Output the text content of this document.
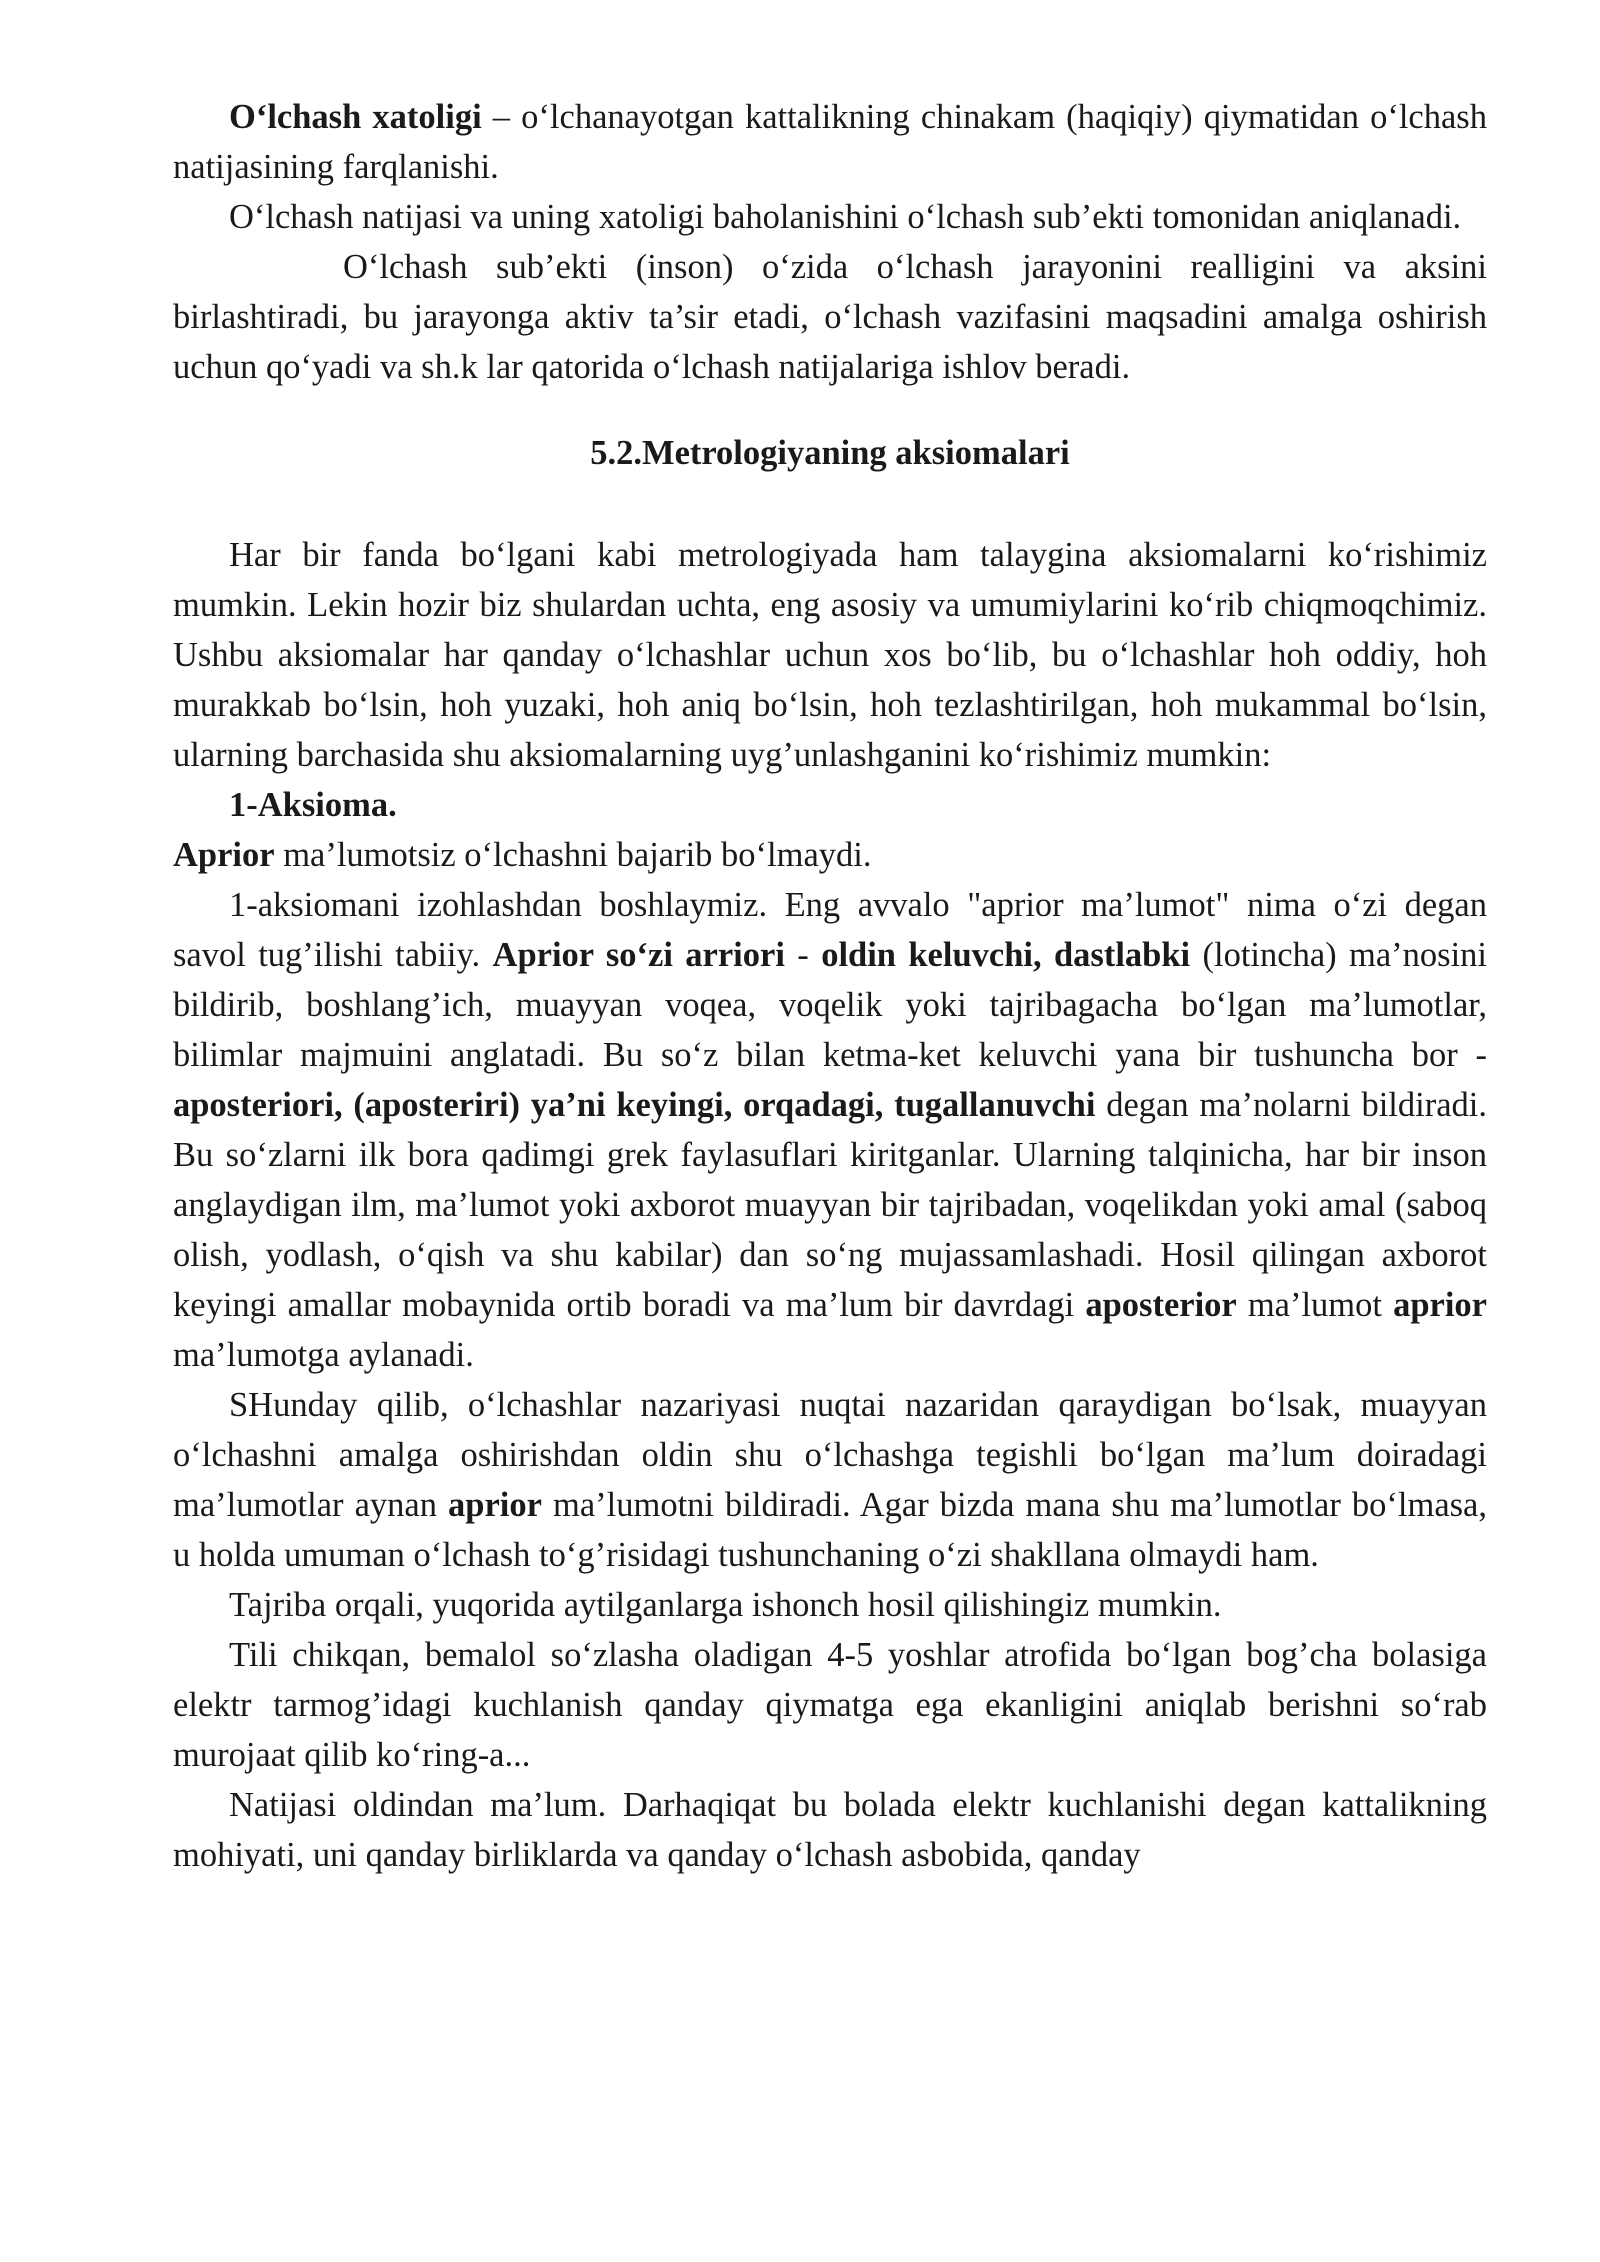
O‘lchash xatoligi – o‘lchanayotgan kattalikning chinakam (haqiqiy) qiymatidan o‘lchash natijasining farqlanishi.

O‘lchash natijasi va uning xatoligi baholanishini o‘lchash sub’ekti tomonidan aniqlanadi.

O‘lchash sub’ekti (inson) o‘zida o‘lchash jarayonini realligini va aksini birlashtiradi, bu jarayonga aktiv ta’sir etadi, o‘lchash vazifasini maqsadini amalga oshirish uchun qo‘yadi va sh.k lar qatorida o‘lchash natijalariga ishlov beradi.

5.2.Metrologiyaning aksiomalari

Har bir fanda bo‘lgani kabi metrologiyada ham talaygina aksiomalarni ko‘rishimiz mumkin. Lekin hozir biz shulardan uchta, eng asosiy va umumiylarini ko‘rib chiqmoqchimiz. Ushbu aksiomalar har qanday o‘lchashlar uchun xos bo‘lib, bu o‘lchashlar hoh oddiy, hoh murakkab bo‘lsin, hoh yuzaki, hoh aniq bo‘lsin, hoh tezlashtirilgan, hoh mukammal bo‘lsin, ularning barchasida shu aksiomalarning uyg’unlashganini ko‘rishimiz mumkin:

1-Aksioma.

Aprior ma’lumotsiz o‘lchashni bajarib bo‘lmaydi.

1-aksiomani izohlashdan boshlaymiz. Eng avvalo "aprior ma’lumot" nima o‘zi degan savol tug’ilishi tabiiy. Aprior so‘zi arriori - oldin keluvchi, dastlabki (lotincha) ma’nosini bildirib, boshlang’ich, muayyan voqea, voqelik yoki tajribagacha bo‘lgan ma’lumotlar, bilimlar majmuini anglatadi. Bu so‘z bilan ketma-ket keluvchi yana bir tushuncha bor - aposteriori, (aposteriri) ya’ni keyingi, orqadagi, tugallanuvchi degan ma’nolarni bildiradi. Bu so‘zlarni ilk bora qadimgi grek faylasuflari kiritganlar. Ularning talqinicha, har bir inson anglaydigan ilm, ma’lumot yoki axborot muayyan bir tajribadan, voqelikdan yoki amal (saboq olish, yodlash, o‘qish va shu kabilar) dan so‘ng mujassamlashadi. Hosil qilingan axborot keyingi amallar mobaynida ortib boradi va ma’lum bir davrdagi aposterior ma’lumot aprior ma’lumotga aylanadi.

SHunday qilib, o‘lchashlar nazariyasi nuqtai nazaridan qaraydigan bo‘lsak, muayyan o‘lchashni amalga oshirishdan oldin shu o‘lchashga tegishli bo‘lgan ma’lum doiradagi ma’lumotlar aynan aprior ma’lumotni bildiradi. Agar bizda mana shu ma’lumotlar bo‘lmasa, u holda umuman o‘lchash to‘g’risidagi tushunchaning o‘zi shakllana olmaydi ham.

Tajriba orqali, yuqorida aytilganlarga ishonch hosil qilishingiz mumkin.

Tili chikqan, bemalol so‘zlasha oladigan 4-5 yoshlar atrofida bo‘lgan bog’cha bolasiga elektr tarmog’idagi kuchlanish qanday qiymatga ega ekanligini aniqlab berishni so‘rab murojaat qilib ko‘ring-a...

Natijasi oldindan ma’lum. Darhaqiqat bu bolada elektr kuchlanishi degan kattalikning mohiyati, uni qanday birliklarda va qanday o‘lchash asbobida, qanday
